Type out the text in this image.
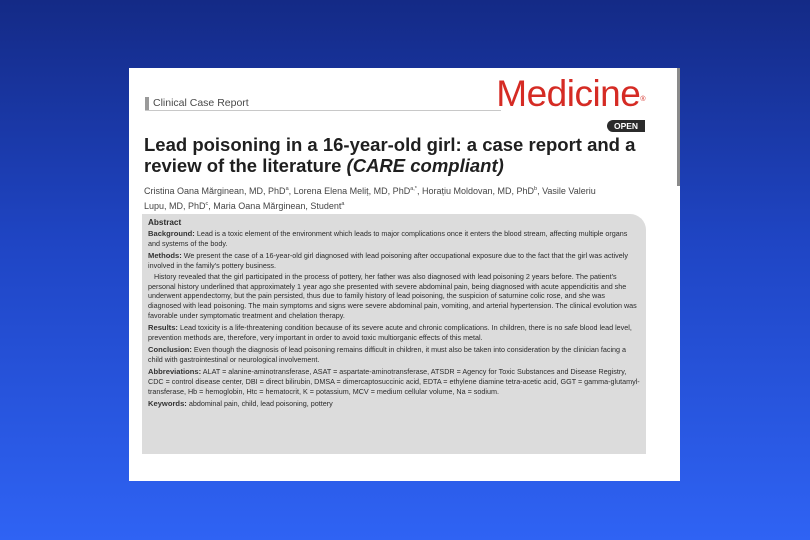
Clinical Case Report	Medicine®
OPEN
Lead poisoning in a 16-year-old girl: a case report and a review of the literature (CARE compliant)
Cristina Oana Mărginean, MD, PhD$^a$, Lorena Elena Meliț, MD, PhD$^{a,*}$, Horațiu Moldovan, MD, PhD$^b$, Vasile Valeriu Lupu, MD, PhD$^c$, Maria Oana Mărginean, Student$^a$

Abstract

Background: Lead is a toxic element of the environment which leads to major complications once it enters the blood stream, affecting multiple organs and systems of the body.

Methods: We present the case of a 16-year-old girl diagnosed with lead poisoning after occupational exposure due to the fact that the girl was actively involved in the family's pottery business.

History revealed that the girl participated in the process of pottery, her father was also diagnosed with lead poisoning 2 years before. The patient's personal history underlined that approximately 1 year ago she presented with severe abdominal pain, being diagnosed with acute appendicitis and she underwent appendectomy, but the pain persisted, thus due to family history of lead poisoning, the suspicion of saturnine colic rose, and she was diagnosed with lead poisoning. The main symptoms and signs were severe abdominal pain, vomiting, and arterial hypertension. The clinical evolution was favorable under symptomatic treatment and chelation therapy.

Results: Lead toxicity is a life-threatening condition because of its severe acute and chronic complications. In children, there is no safe blood lead level, prevention methods are, therefore, very important in order to avoid toxic multiorganic effects of this metal.

Conclusion: Even though the diagnosis of lead poisoning remains difficult in children, it must also be taken into consideration by the clinician facing a child with gastrointestinal or neurological involvement.

Abbreviations: ALAT = alanine-aminotransferase, ASAT = aspartate-aminotransferase, ATSDR = Agency for Toxic Substances and Disease Registry, CDC = control disease center, DBI = direct bilirubin, DMSA = dimercaptosuccinic acid, EDTA = ethylene diamine tetra-acetic acid, GGT = gamma-glutamyl-transferase, Hb = hemoglobin, Htc = hematocrit, K = potassium, MCV = medium cellular volume, Na = sodium.

Keywords: abdominal pain, child, lead poisoning, pottery
